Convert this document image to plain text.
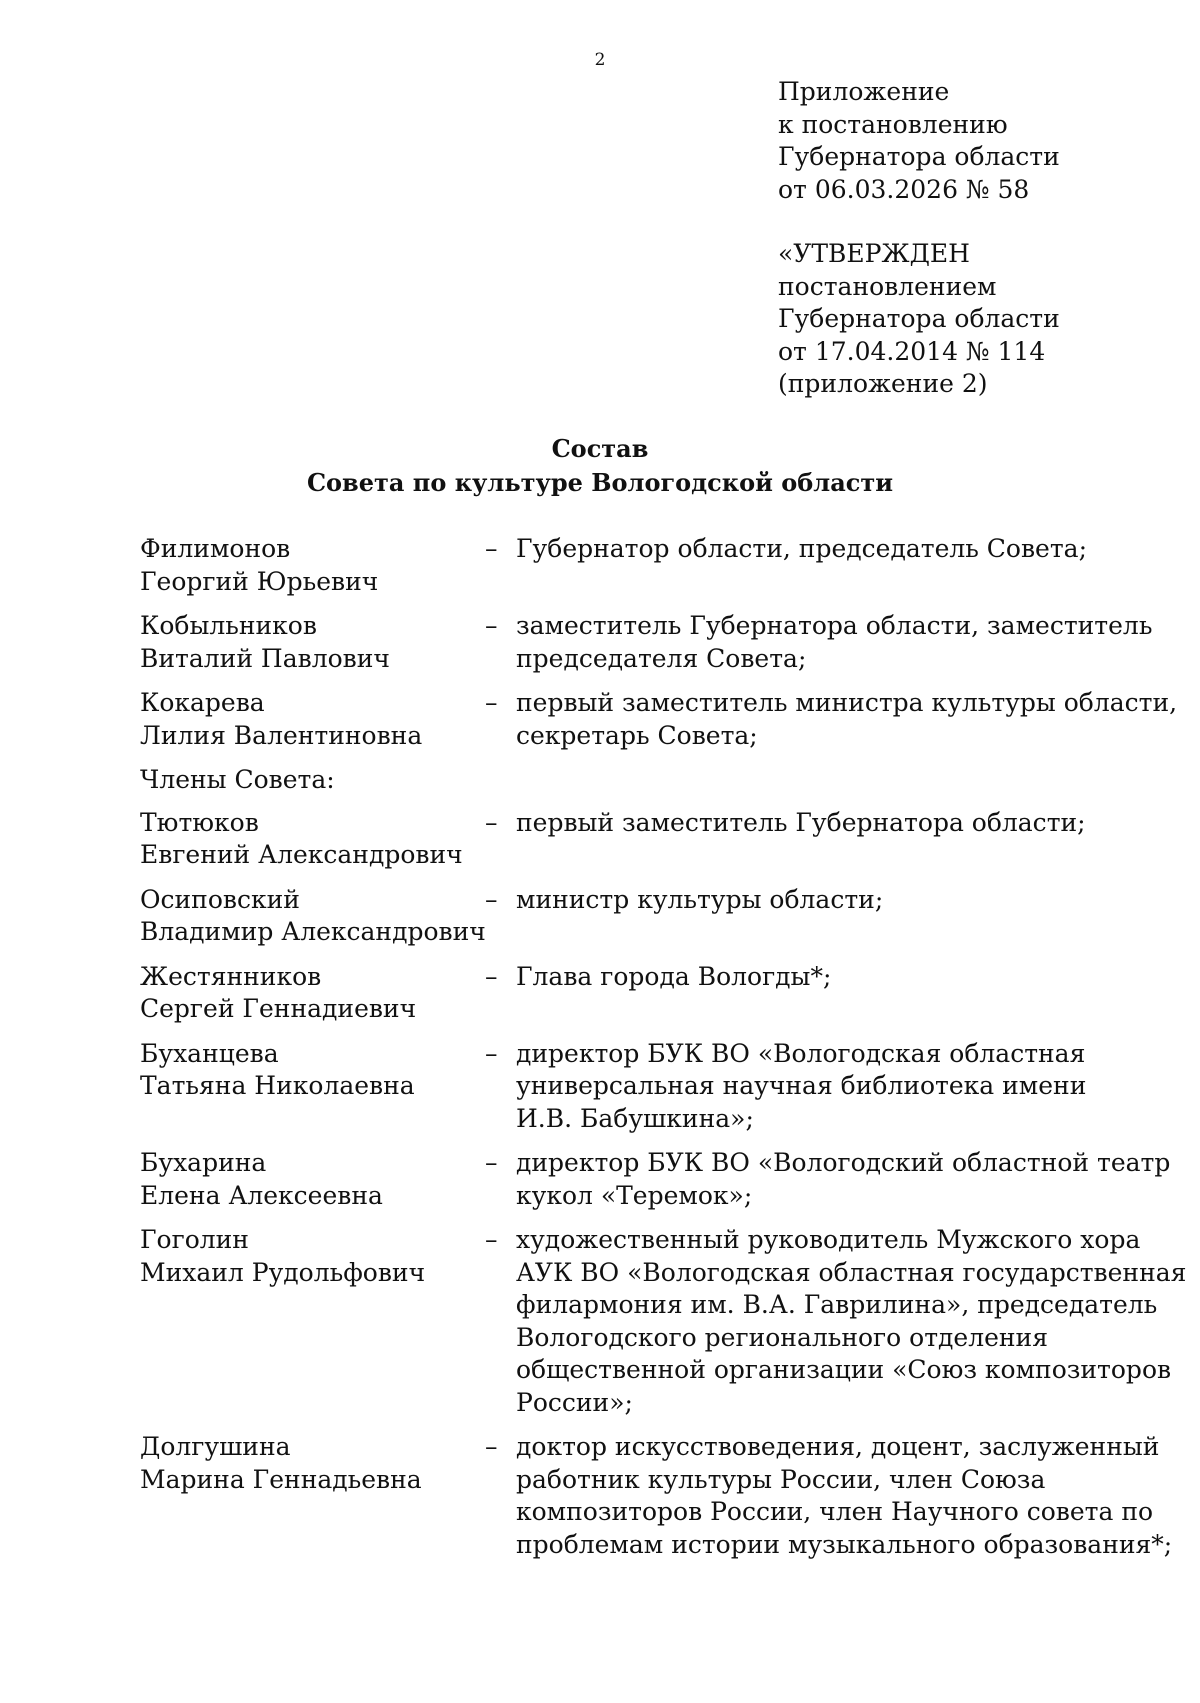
2
Приложение
к постановлению
Губернатора области
от 06.03.2026 № 58
«УТВЕРЖДЕН
постановлением
Губернатора области
от 17.04.2014 № 114
(приложение 2)
Состав
Совета по культуре Вологодской области
Филимонов
Георгий Юрьевич
– Губернатор области, председатель Совета;
Кобыльников
Виталий Павлович
– заместитель Губернатора области, заместитель
председателя Совета;
Кокарева
Лилия Валентиновна
– первый заместитель министра культуры области,
секретарь Совета;
Члены Совета:
Тютюков
Евгений Александрович
– первый заместитель Губернатора области;
Осиповский
Владимир Александрович
– министр культуры области;
Жестянников
Сергей Геннадиевич
– Глава города Вологды*;
Буханцева
Татьяна Николаевна
– директор БУК ВО «Вологодская областная
универсальная научная библиотека имени
И.В. Бабушкина»;
Бухарина
Елена Алексеевна
– директор БУК ВО «Вологодский областной театр
кукол «Теремок»;
Гоголин
Михаил Рудольфович
– художественный руководитель Мужского хора
АУК ВО «Вологодская областная государственная
филармония им. В.А. Гаврилина», председатель
Вологодского регионального отделения
общественной организации «Союз композиторов
России»;
Долгушина
Марина Геннадьевна
– доктор искусствоведения, доцент, заслуженный
работник культуры России, член Союза
композиторов России, член Научного совета по
проблемам истории музыкального образования*;
